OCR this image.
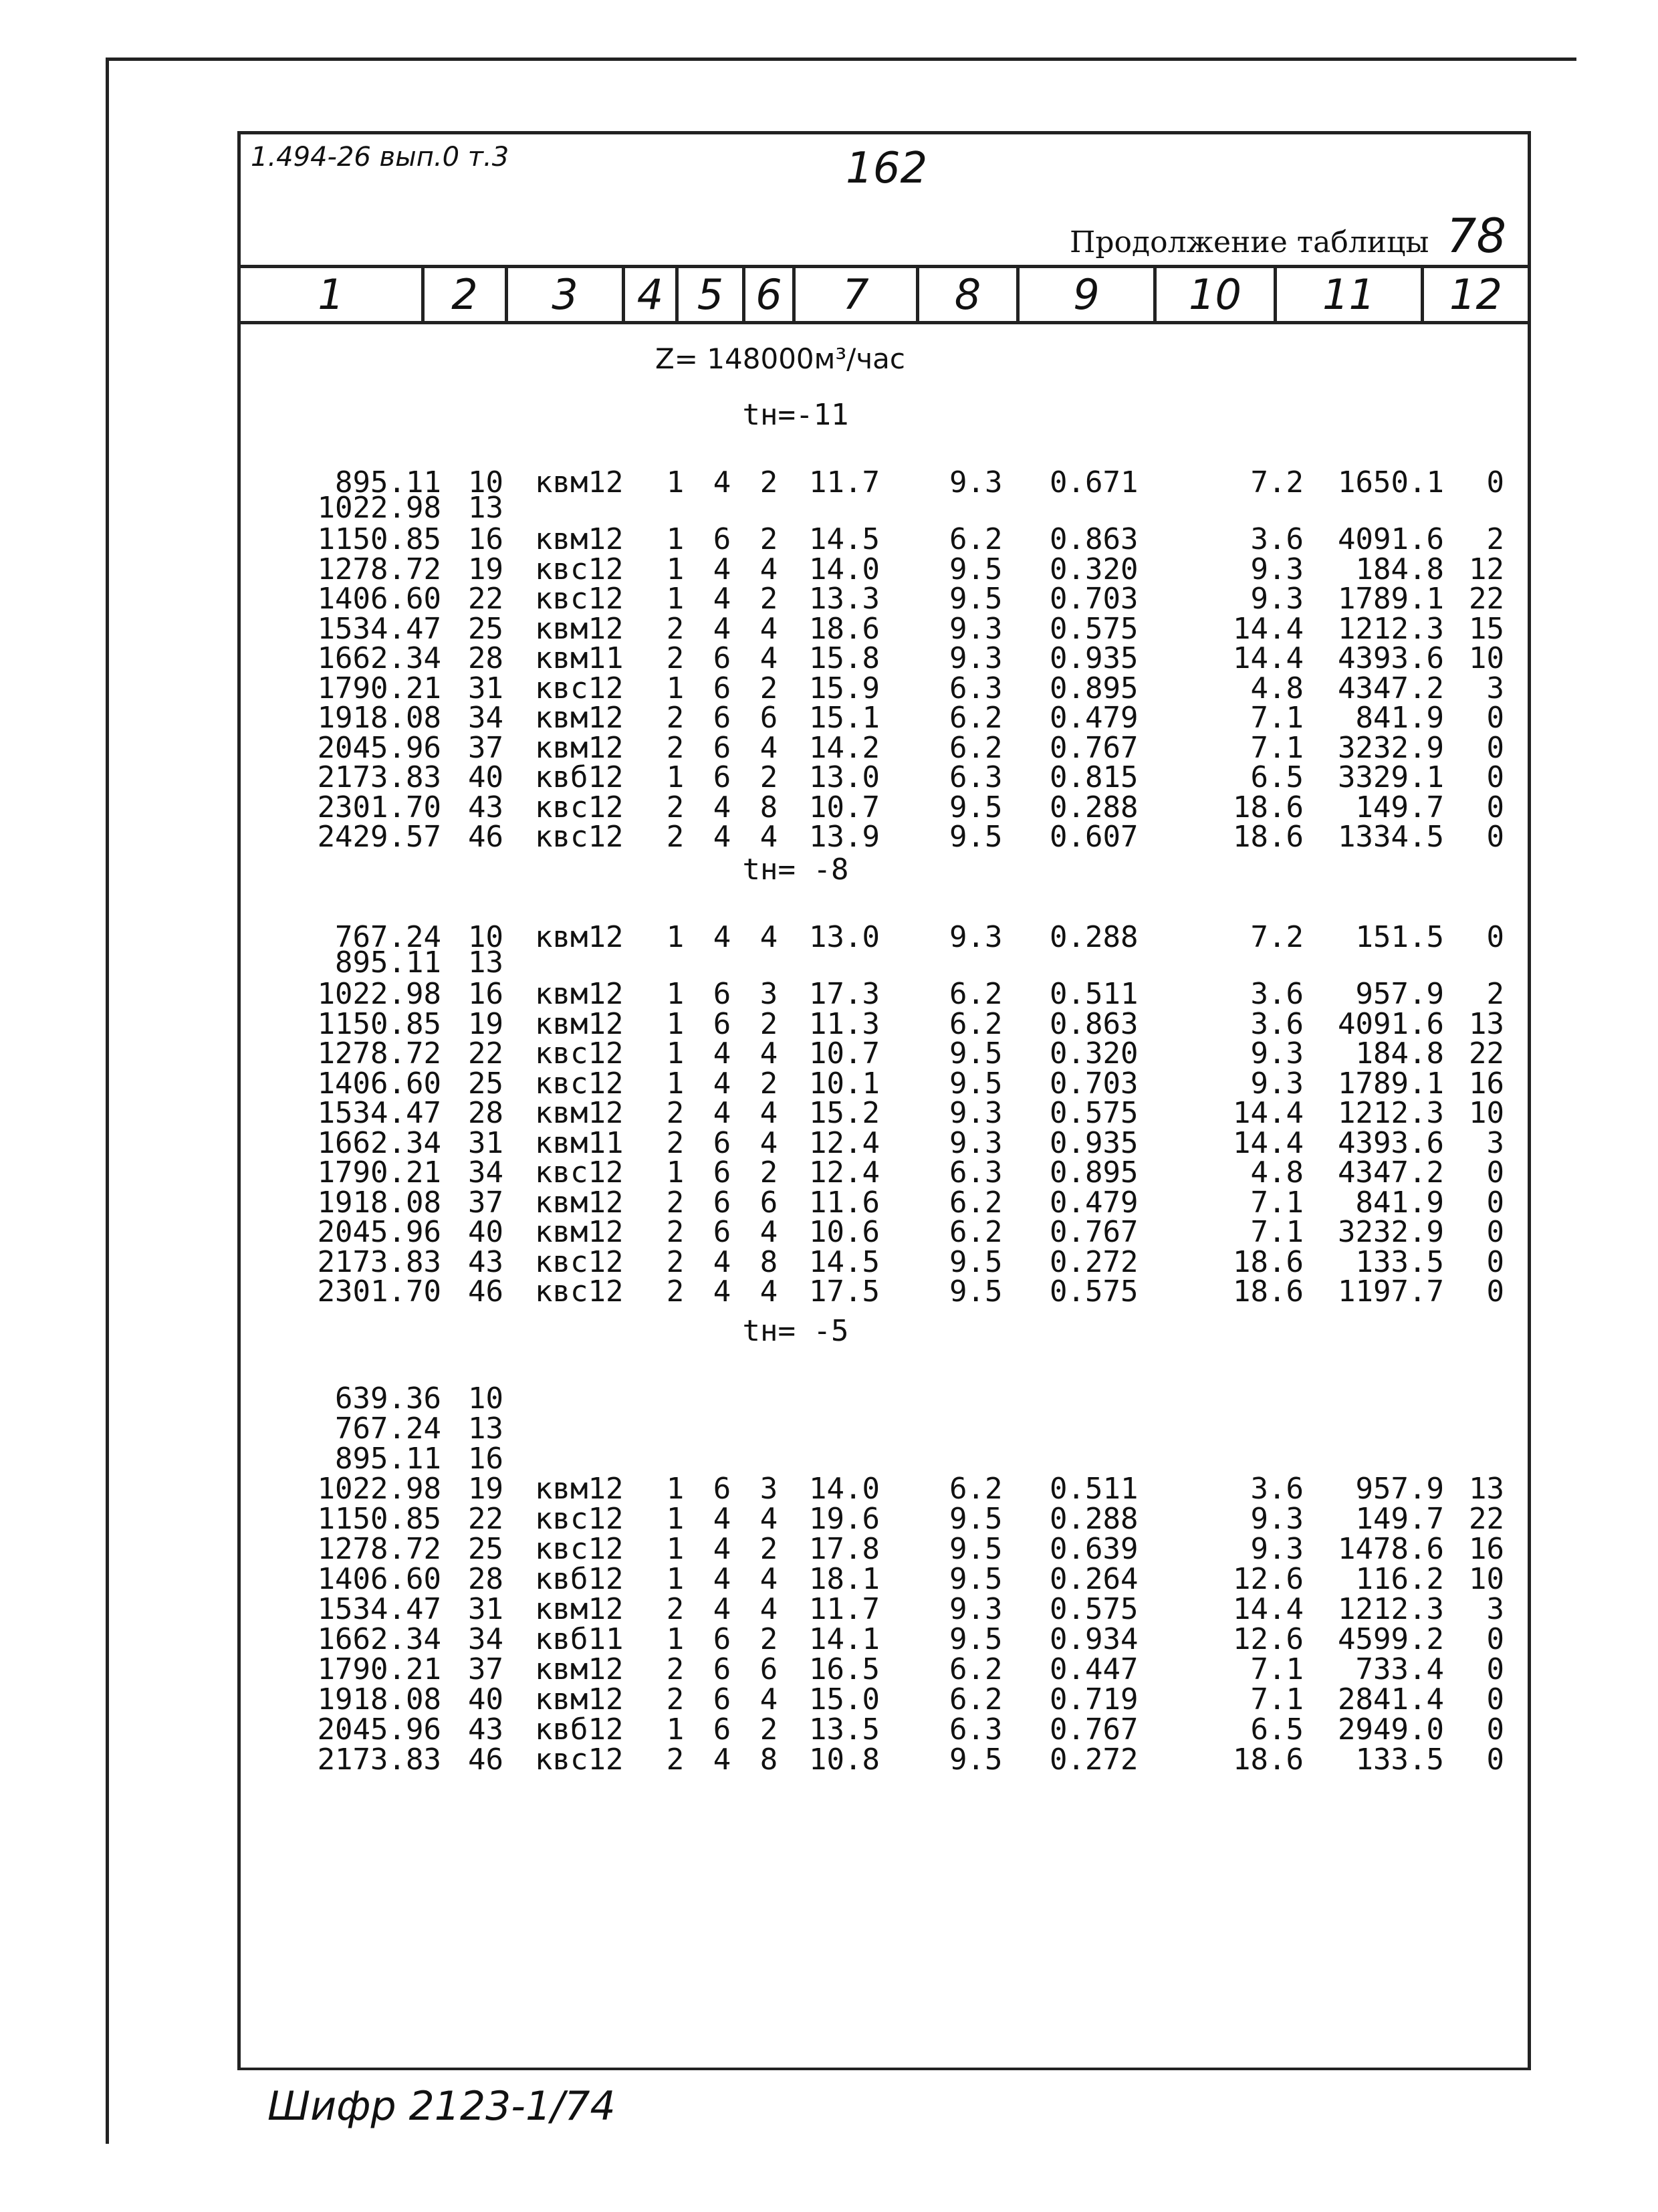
1.494-26 вып.0 т.3	162
Продолжение таблицы 78
1	2	3	4 5 6	7	8	9	10	11	12
Z= 148000м³/час
tн=-11
895.11 10	квм12	1 4 2	11.7	9.3	0.671	7.2	1650.1	0
1022.98 13
1150.85 16	квм12	1 6 2	14.5	6.2	0.863	3.6	4091.6	2
1278.72 19	квс12	1 4 4	14.0	9.5	0.320	9.3	184.8 12
1406.60 22	квс12	1 4 2	13.3	9.5	0.703	9.3	1789.1 22
1534.47 25	квм12	2 4 4	18.6	9.3	0.575	14.4	1212.3 15
1662.34 28	квм11	2 6 4	15.8	9.3	0.935	14.4	4393.6 10
1790.21 31	квс12	1 6 2	15.9	6.3	0.895	4.8	4347.2	3
1918.08 34	квм12	2 6 6	15.1	6.2	0.479	7.1	841.9	0
2045.96 37	квм12	2 6 4	14.2	6.2	0.767	7.1	3232.9	0
2173.83 40	квб12	1 6 2	13.0	6.3	0.815	6.5	3329.1	0
2301.70 43	квс12	2 4 8	10.7	9.5	0.288	18.6	149.7	0
2429.57 46	квс12	2 4 4	13.9	9.5	0.607	18.6	1334.5	0
tн= -8
767.24 10	квм12	1 4 4	13.0	9.3	0.288	7.2	151.5	0
895.11 13
1022.98 16	квм12	1 6 3	17.3	6.2	0.511	3.6	957.9	2
1150.85 19	квм12	1 6 2	11.3	6.2	0.863	3.6	4091.6 13
1278.72 22	квс12	1 4 4	10.7	9.5	0.320	9.3	184.8 22
1406.60 25	квс12	1 4 2	10.1	9.5	0.703	9.3	1789.1 16
1534.47 28	квм12	2 4 4	15.2	9.3	0.575	14.4	1212.3 10
1662.34 31	квм11	2 6 4	12.4	9.3	0.935	14.4	4393.6	3
1790.21 34	квс12	1 6 2	12.4	6.3	0.895	4.8	4347.2	0
1918.08 37	квм12	2 6 6	11.6	6.2	0.479	7.1	841.9	0
2045.96 40	квм12	2 6 4	10.6	6.2	0.767	7.1	3232.9	0
2173.83 43	квс12	2 4 8	14.5	9.5	0.272	18.6	133.5	0
2301.70 46	квс12	2 4 4	17.5	9.5	0.575	18.6	1197.7	0
tн= -5
639.36 10
767.24 13
895.11 16
1022.98 19	квм12	1 6 3	14.0	6.2	0.511	3.6	957.9 13
1150.85 22	квс12	1 4 4	19.6	9.5	0.288	9.3	149.7 22
1278.72 25	квс12	1 4 2	17.8	9.5	0.639	9.3	1478.6 16
1406.60 28	квб12	1 4 4	18.1	9.5	0.264	12.6	116.2 10
1534.47 31	квм12	2 4 4	11.7	9.3	0.575	14.4	1212.3	3
1662.34 34	квб11	1 6 2	14.1	9.5	0.934	12.6	4599.2	0
1790.21 37	квм12	2 6 6	16.5	6.2	0.447	7.1	733.4	0
1918.08 40	квм12	2 6 4	15.0	6.2	0.719	7.1	2841.4	0
2045.96 43	квб12	1 6 2	13.5	6.3	0.767	6.5	2949.0	0
2173.83 46	квс12	2 4 8	10.8	9.5	0.272	18.6	133.5	0
Шифр 2123-1/74
